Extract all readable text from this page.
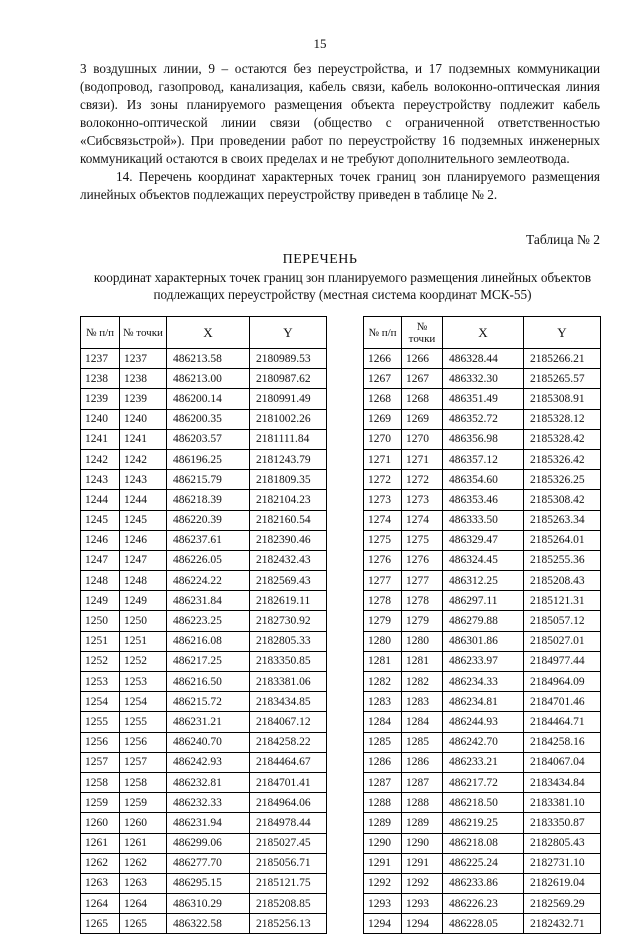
15

3 воздушных линии, 9 – остаются без переустройства, и 17 подземных коммуникации (водопровод, газопровод, канализация, кабель связи, кабель волоконно-оптическая линия связи). Из зоны планируемого размещения объекта переустройству подлежит кабель волоконно-оптической линии связи (общество с ограниченной ответственностью «Сибсвязьстрой»). При проведении работ по переустройству 16 подземных инженерных коммуникаций остаются в своих пределах и не требуют дополнительного землеотвода.

14. Перечень координат характерных точек границ зон планируемого размещения линейных объектов подлежащих переустройству приведен в таблице № 2.

Таблица № 2
ПЕРЕЧЕНЬ
координат характерных точек границ зон планируемого размещения линейных объектов подлежащих переустройству (местная система координат МСК-55)
№ п/п	№ точки	X	Y
1237	1237	486213.58	2180989.53
1238	1238	486213.00	2180987.62
1239	1239	486200.14	2180991.49
1240	1240	486200.35	2181002.26
1241	1241	486203.57	2181111.84
1242	1242	486196.25	2181243.79
1243	1243	486215.79	2181809.35
1244	1244	486218.39	2182104.23
1245	1245	486220.39	2182160.54
1246	1246	486237.61	2182390.46
1247	1247	486226.05	2182432.43
1248	1248	486224.22	2182569.43
1249	1249	486231.84	2182619.11
1250	1250	486223.25	2182730.92
1251	1251	486216.08	2182805.33
1252	1252	486217.25	2183350.85
1253	1253	486216.50	2183381.06
1254	1254	486215.72	2183434.85
1255	1255	486231.21	2184067.12
1256	1256	486240.70	2184258.22
1257	1257	486242.93	2184464.67
1258	1258	486232.81	2184701.41
1259	1259	486232.33	2184964.06
1260	1260	486231.94	2184978.44
1261	1261	486299.06	2185027.45
1262	1262	486277.70	2185056.71
1263	1263	486295.15	2185121.75
1264	1264	486310.29	2185208.85
1265	1265	486322.58	2185256.13
№ п/п	№ точки	X	Y
1266	1266	486328.44	2185266.21
1267	1267	486332.30	2185265.57
1268	1268	486351.49	2185308.91
1269	1269	486352.72	2185328.12
1270	1270	486356.98	2185328.42
1271	1271	486357.12	2185326.42
1272	1272	486354.60	2185326.25
1273	1273	486353.46	2185308.42
1274	1274	486333.50	2185263.34
1275	1275	486329.47	2185264.01
1276	1276	486324.45	2185255.36
1277	1277	486312.25	2185208.43
1278	1278	486297.11	2185121.31
1279	1279	486279.88	2185057.12
1280	1280	486301.86	2185027.01
1281	1281	486233.97	2184977.44
1282	1282	486234.33	2184964.09
1283	1283	486234.81	2184701.46
1284	1284	486244.93	2184464.71
1285	1285	486242.70	2184258.16
1286	1286	486233.21	2184067.04
1287	1287	486217.72	2183434.84
1288	1288	486218.50	2183381.10
1289	1289	486219.25	2183350.87
1290	1290	486218.08	2182805.43
1291	1291	486225.24	2182731.10
1292	1292	486233.86	2182619.04
1293	1293	486226.23	2182569.29
1294	1294	486228.05	2182432.71
